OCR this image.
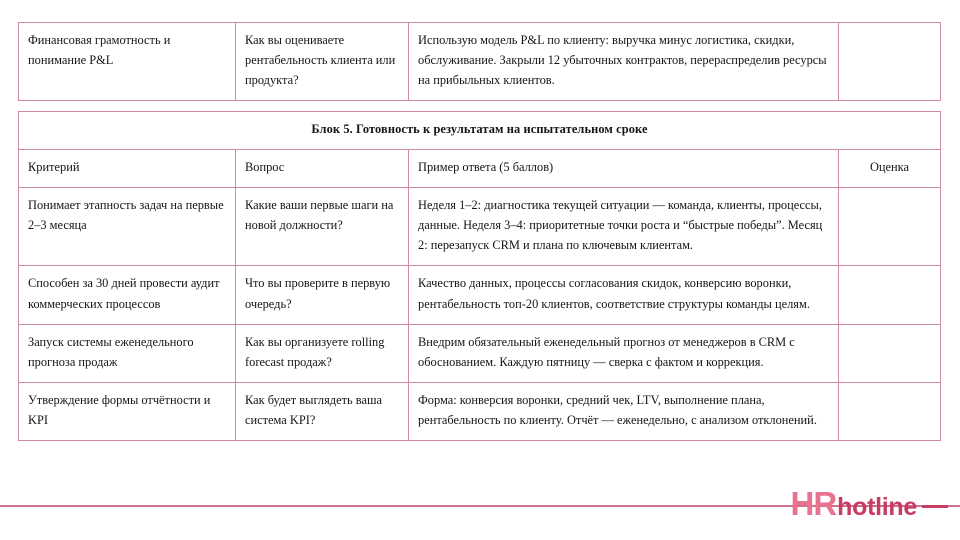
Финансовая грамотность и понимание P&L	Как вы оцениваете рентабельность клиента или продукта?	Использую модель P&L по клиенту: выручка минус логистика, скидки, обслуживание. Закрыли 12 убыточных контрактов, перераспределив ресурсы на прибыльных клиентов.	
Блок 5. Готовность к результатам на испытательном сроке			
Критерий	Вопрос	Пример ответа (5 баллов)	Оценка
Понимает этапность задач на первые 2–3 месяца	Какие ваши первые шаги на новой должности?	Неделя 1–2: диагностика текущей ситуации — команда, клиенты, процессы, данные. Неделя 3–4: приоритетные точки роста и “быстрые победы”. Месяц 2: перезапуск CRM и плана по ключевым клиентам.	
Способен за 30 дней провести аудит коммерческих процессов	Что вы проверите в первую очередь?	Качество данных, процессы согласования скидок, конверсию воронки, рентабельность топ-20 клиентов, соответствие структуры команды целям.	
Запуск системы еженедельного прогноза продаж	Как вы организуете rolling forecast продаж?	Внедрим обязательный еженедельный прогноз от менеджеров в CRM с обоснованием. Каждую пятницу — сверка с фактом и коррекция.	
Утверждение формы отчётности и KPI	Как будет выглядеть ваша система KPI?	Форма: конверсия воронки, средний чек, LTV, выполнение плана, рентабельность по клиенту. Отчёт — еженедельно, с анализом отклонений.	
HR hotline
